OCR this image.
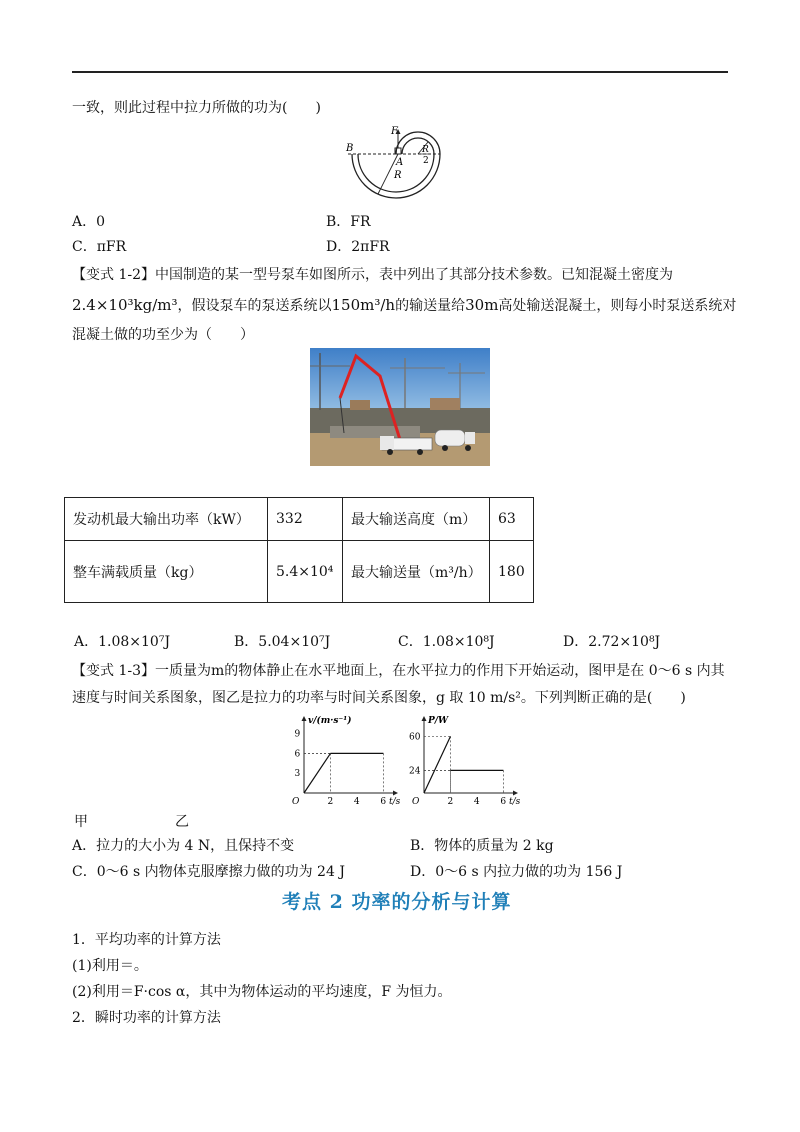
一致，则此过程中拉力所做的功为(　　)
F
B
A
R
R
2
A．0	B．FR
C．πFR	D．2πFR
【变式 1-2】中国制造的某一型号泵车如图所示，表中列出了其部分技术参数。已知混凝土密度为
2.4×10³kg/m³，假设泵车的泵送系统以150m³/h的输送量给30m高处输送混凝土，则每小时泵送系统对
混凝土做的功至少为（　　）
发动机最大输出功率（kW）	332	最大输送高度（m）	63
整车满载质量（kg）	5.4×10⁴	最大输送量（m³/h）	180
A．1.08×10⁷J	B．5.04×10⁷J	C．1.08×10⁸J	D．2.72×10⁸J
【变式 1-3】一质量为m的物体静止在水平地面上，在水平拉力的作用下开始运动，图甲是在 0～6 s 内其
速度与时间关系图象，图乙是拉力的功率与时间关系图象，g 取 10 m/s²。下列判断正确的是(　　)
v/(m·s⁻¹)
t/s
O	2 4 6
3
6
9
P/W
t/s
O	2 4 6
24
60
甲	乙
A．拉力的大小为 4 N，且保持不变	B．物体的质量为 2 kg
C．0～6 s 内物体克服摩擦力做的功为 24 J	D．0～6 s 内拉力做的功为 156 J
考点 2 功率的分析与计算
1．平均功率的计算方法
(1)利用＝。
(2)利用＝F·cos α，其中为物体运动的平均速度，F 为恒力。
2．瞬时功率的计算方法
